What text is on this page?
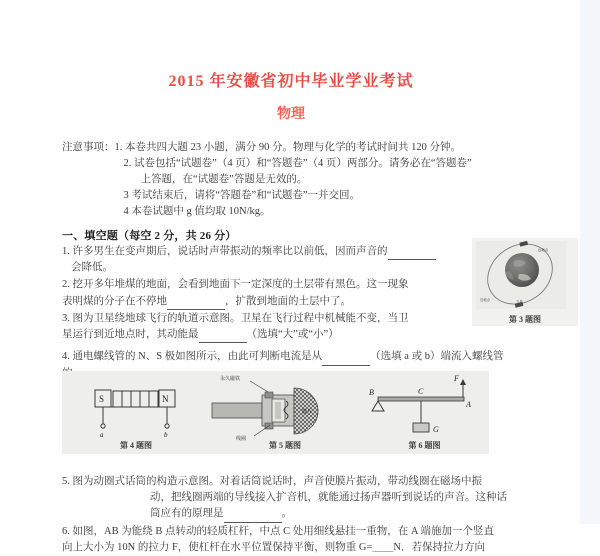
2015 年安徽省初中毕业学业考试
物理
注意事项： 1. 本卷共四大题 23 小题，满分 90 分。物理与化学的考试时间共 120 分钟。
2. 试卷包括“试题卷”（4 页）和“答题卷”（4 页）两部分。请务必在“答题卷”
上答题，在“试题卷”答题是无效的。
3 考试结束后，请将“答题卷”和“试题卷”一并交回。
4 本卷试题中 g 值均取 10N/kg。
一、填空题（每空 2 分，共 26 分）
1. 许多男生在变声期后，说话时声带振动的频率比以前低，因而声音的
会降低。
2. 挖开多年堆煤的地面，会看到地面下一定深度的土层带有黑色。这一现象
表明煤的分子在不停地	，扩散到地面的土层中了。
3. 图为卫星绕地球飞行的轨道示意图。卫星在飞行过程中机械能不变，当卫
星运行到近地点时，其动能最	（选填“大”或“小”）
4. 通电螺线管的 N、S 极如图所示，由此可判断电流是从	（选填 a 或 b）端流入螺线管
5. 图为动圈式话筒的构造示意图。对着话筒说话时，声音使膜片振动，带动线圈在磁场中振
动，把线圈两端的导线接入扩音机，就能通过扬声器听到说话的声音。这种话
筒应有的原理是	。
6. 如图，AB 为能绕 B 点转动的轻质杠杆，中点 C 处用细线悬挂一重物，在 A 端施加一个竖直
向上大小为 10N 的拉力 F，使杠杆在水平位置保持平衡，则物重 G=＿＿N．若保持拉力方向
远地点
近地点	卫星
第 3 题图
S	N
a	b
第 4 题图
永久磁铁
线圈
膜片
第 5 题图
B	C
A
G
F
第 6 题图
